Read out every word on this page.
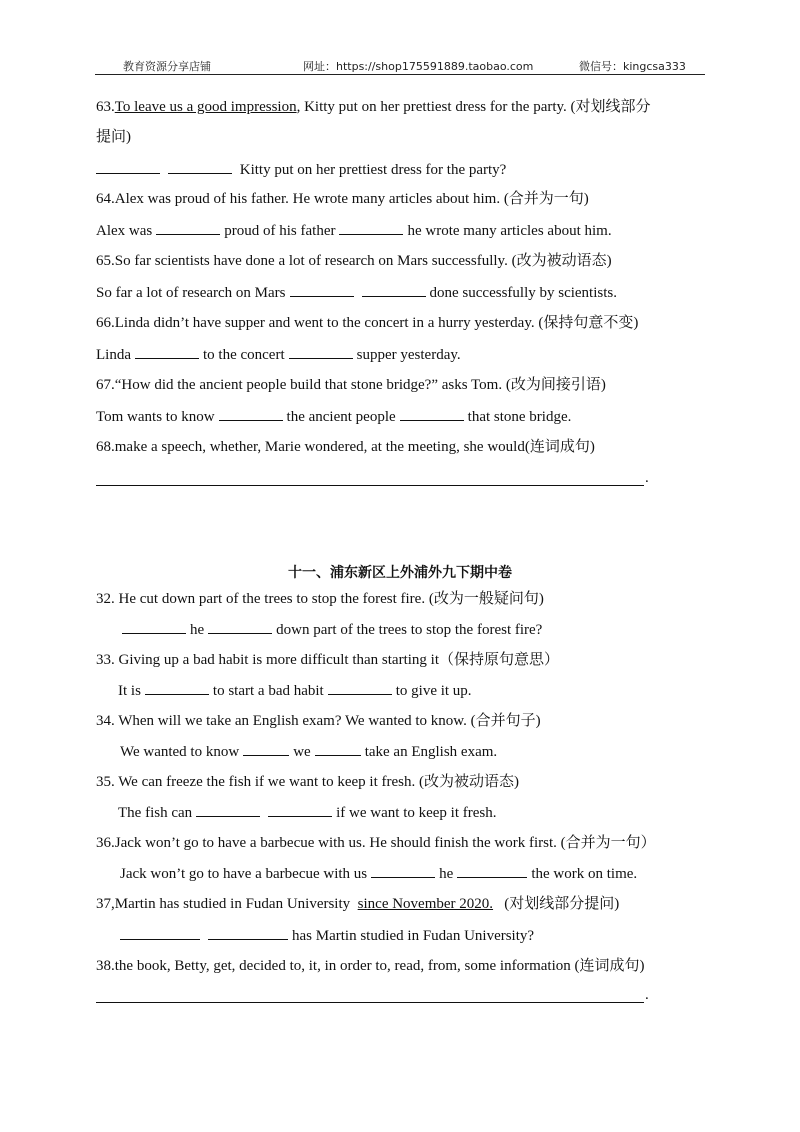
教育资源分享店铺	网址：https://shop175591889.taobao.com	微信号：kingcsa333
63.To leave us a good impression, Kitty put on her prettiest dress for the party. (对划线部分
提问)
Kitty put on her prettiest dress for the party?
64.Alex was proud of his father. He wrote many articles about him. (合并为一句)
Alex was	proud of his father	he wrote many articles about him.
65.So far scientists have done a lot of research on Mars successfully. (改为被动语态)
So far a lot of research on Mars	done successfully by scientists.
66.Linda didn’t have supper and went to the concert in a hurry yesterday. (保持句意不变)
Linda	to the concert	supper yesterday.
67.“How did the ancient people build that stone bridge?” asks Tom. (改为间接引语)
Tom wants to know	the ancient people	that stone bridge.
68.make a speech, whether, Marie wondered, at the meeting, she would(连词成句)
.
十一、浦东新区上外浦外九下期中卷
32. He cut down part of the trees to stop the forest fire. (改为一般疑问句)
he	down part of the trees to stop the forest fire?
33. Giving up a bad habit is more difficult than starting it（保持原句意思）
It is	to start a bad habit	to give it up.
34. When will we take an English exam? We wanted to know. (合并句子)
We wanted to know	we	take an English exam.
35. We can freeze the fish if we want to keep it fresh. (改为被动语态)
The fish can	if we want to keep it fresh.
36.Jack won’t go to have a barbecue with us. He should finish the work first. (合并为一句）
Jack won’t go to have a barbecue with us	he	the work on time.
37,Martin has studied in Fudan University since November 2020. (对划线部分提问)
has Martin studied in Fudan University?
38.the book, Betty, get, decided to, it, in order to, read, from, some information (连词成句)
.
